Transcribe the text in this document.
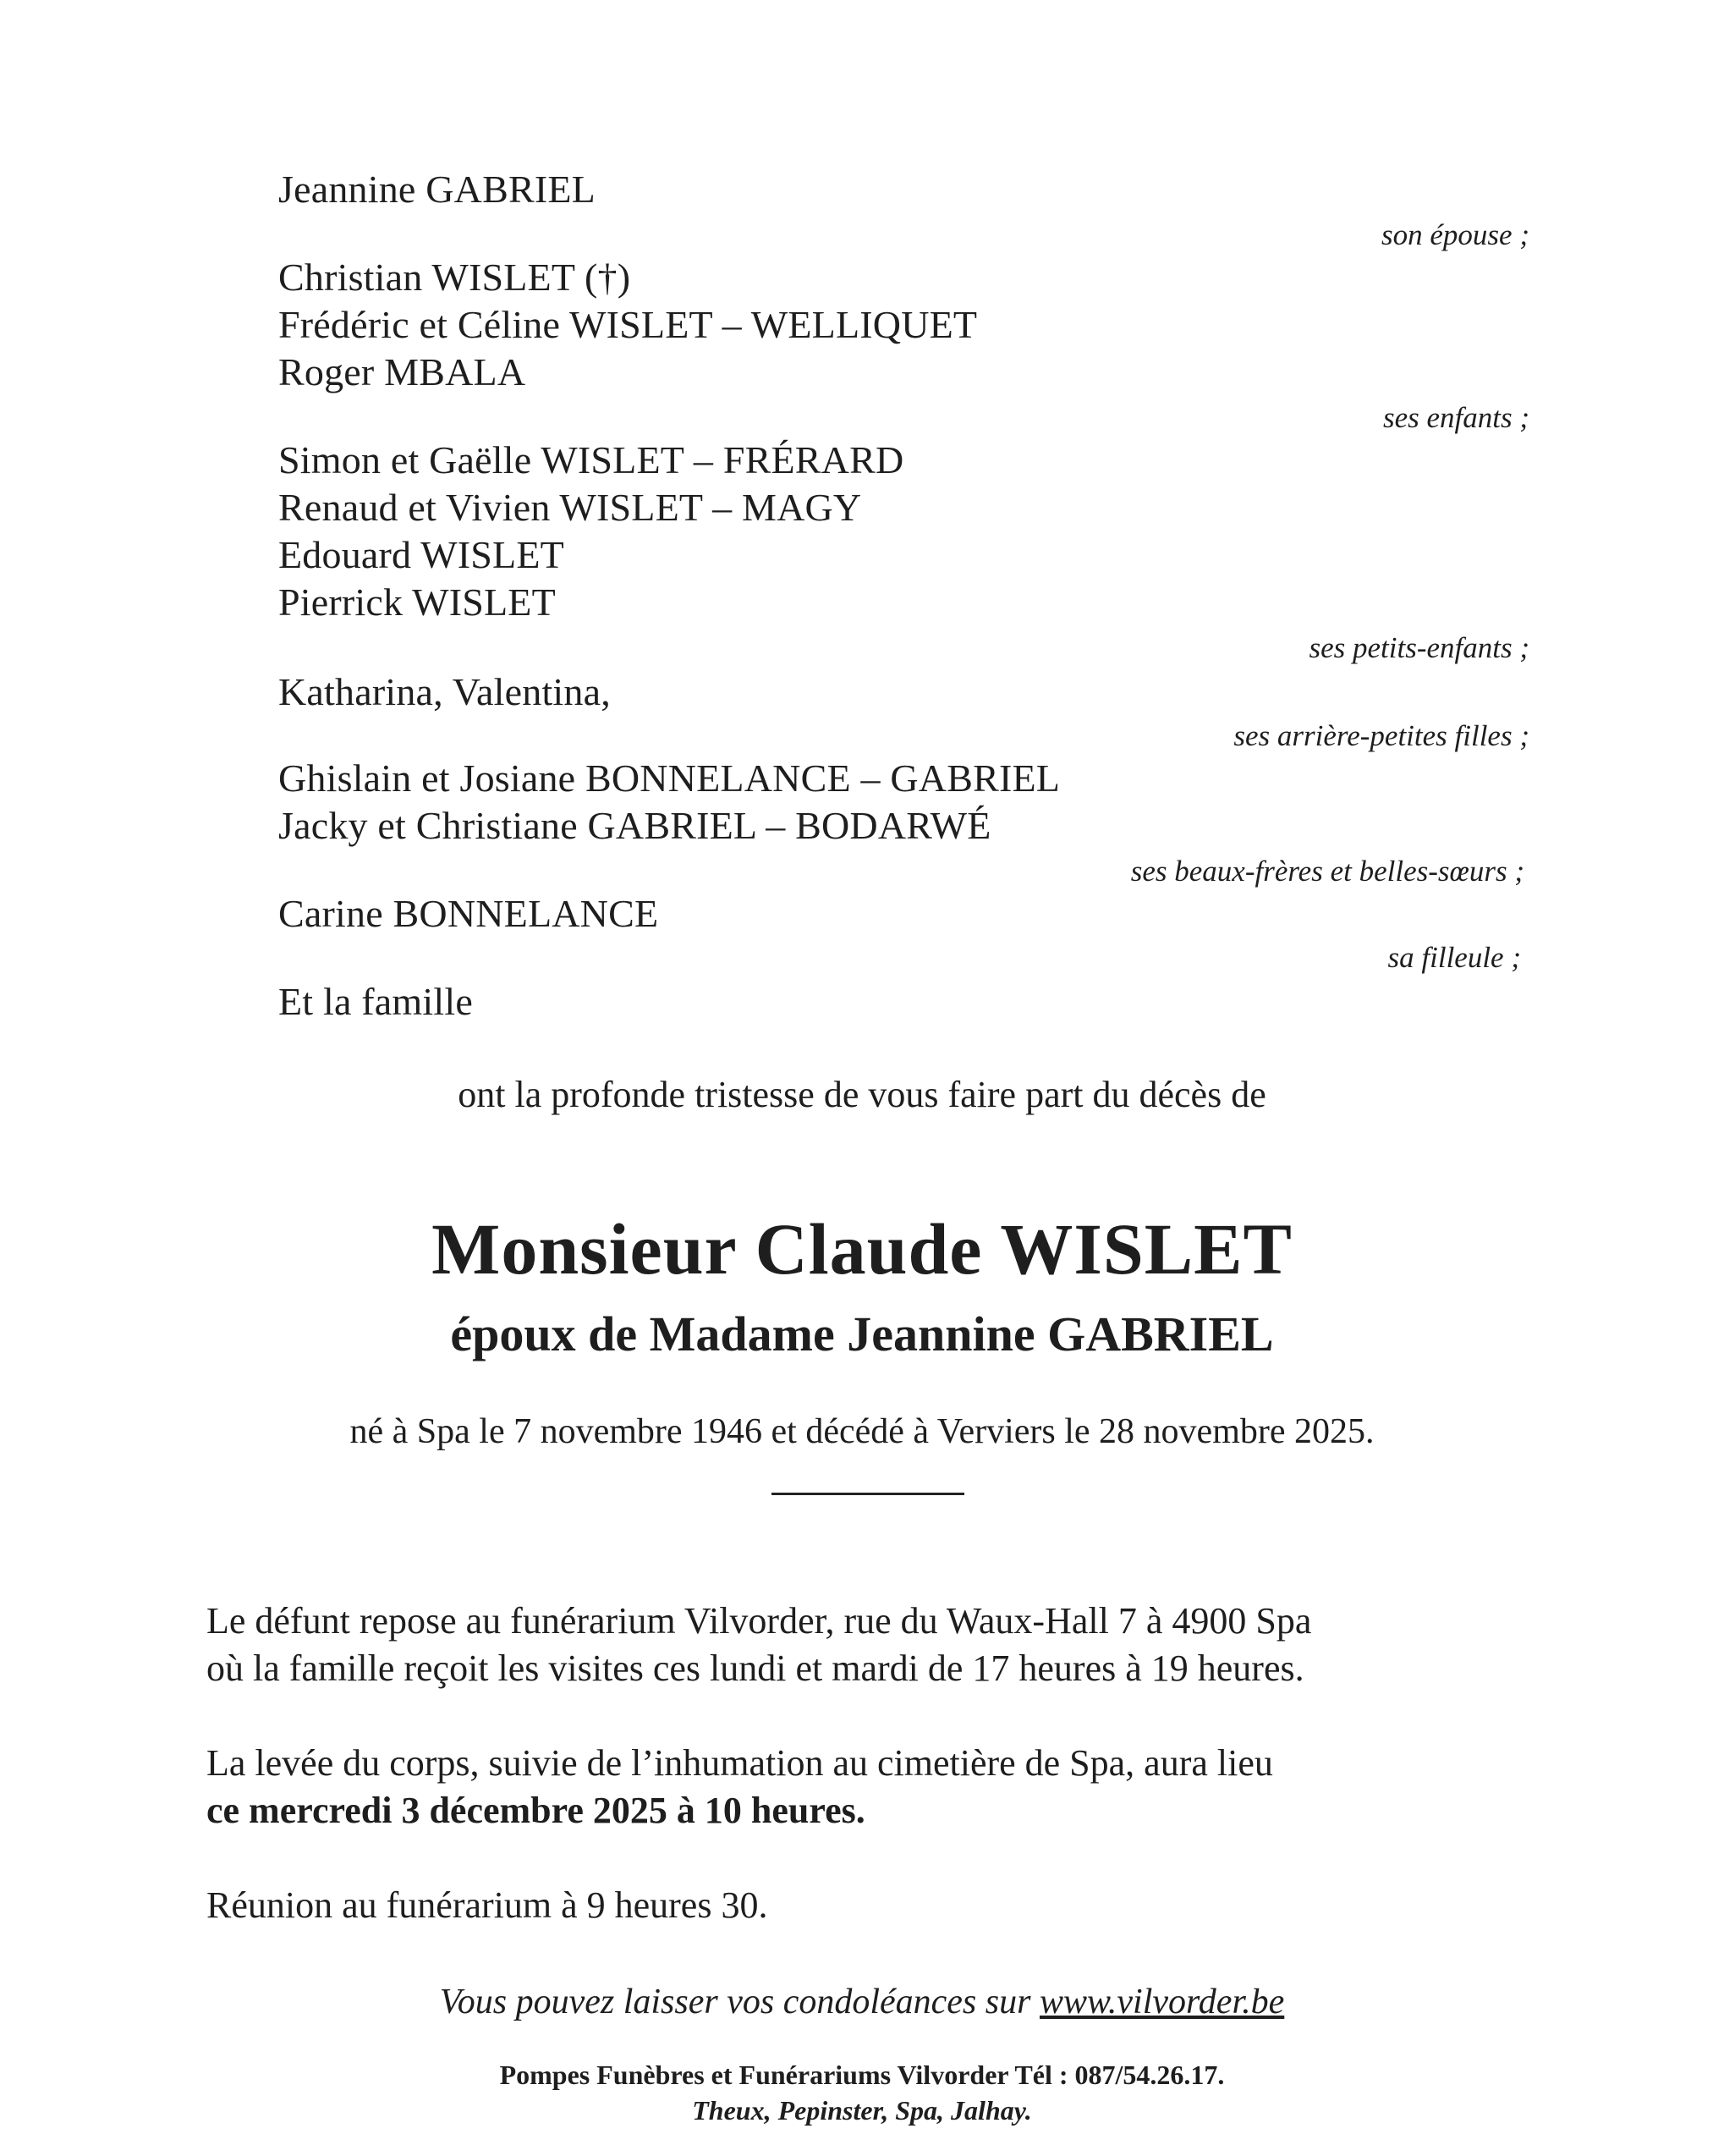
Jeannine GABRIEL
son épouse ;
Christian WISLET (†)
Frédéric et Céline WISLET – WELLIQUET
Roger MBALA
ses enfants ;
Simon et Gaëlle WISLET – FRÉRARD
Renaud et Vivien WISLET – MAGY
Edouard WISLET
Pierrick WISLET
ses petits-enfants ;
Katharina, Valentina,
ses arrière-petites filles ;
Ghislain et Josiane BONNELANCE – GABRIEL
Jacky et Christiane GABRIEL – BODARWÉ
ses beaux-frères et belles-sœurs ;
Carine BONNELANCE
sa filleule ;
Et la famille
ont la profonde tristesse de vous faire part du décès de
Monsieur Claude WISLET
époux de Madame Jeannine GABRIEL
né à Spa le 7 novembre 1946 et décédé à Verviers le 28 novembre 2025.
Le défunt repose au funérarium Vilvorder, rue du Waux-Hall 7 à 4900 Spa
où la famille reçoit les visites ces lundi et mardi de 17 heures à 19 heures.
La levée du corps, suivie de l’inhumation au cimetière de Spa, aura lieu
ce mercredi 3 décembre 2025 à 10 heures.
Réunion au funérarium à 9 heures 30.
Vous pouvez laisser vos condoléances sur www.vilvorder.be
Pompes Funèbres et Funérariums Vilvorder Tél : 087/54.26.17.
Theux, Pepinster, Spa, Jalhay.
